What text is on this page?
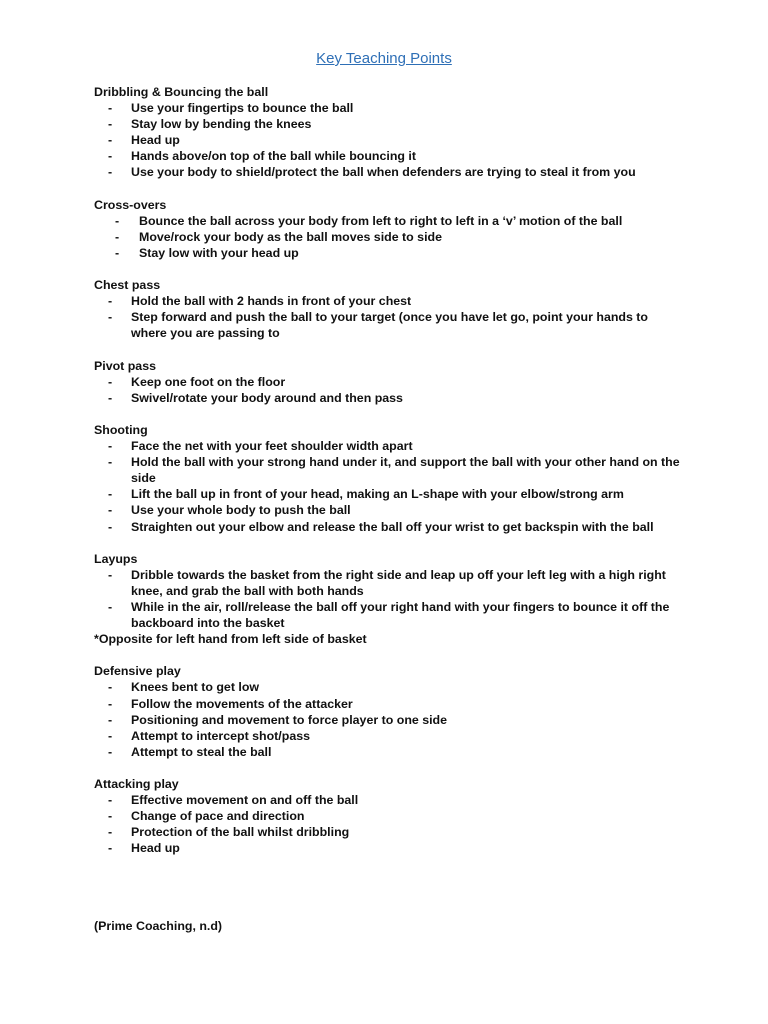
Key Teaching Points
Dribbling & Bouncing the ball
-	Use your fingertips to bounce the ball
-	Stay low by bending the knees
-	Head up
-	Hands above/on top of the ball while bouncing it
-	Use your body to shield/protect the ball when defenders are trying to steal it from you
Cross-overs
-	Bounce the ball across your body from left to right to left in a ‘v’ motion of the ball
-	Move/rock your body as the ball moves side to side
-	Stay low with your head up
Chest pass
-	Hold the ball with 2 hands in front of your chest
-	Step forward and push the ball to your target (once you have let go, point your hands to where you are passing to
Pivot pass
-	Keep one foot on the floor
-	Swivel/rotate your body around and then pass
Shooting
-	Face the net with your feet shoulder width apart
-	Hold the ball with your strong hand under it, and support the ball with your other hand on the side
-	Lift the ball up in front of your head, making an L-shape with your elbow/strong arm
-	Use your whole body to push the ball
-	Straighten out your elbow and release the ball off your wrist to get backspin with the ball
Layups
-	Dribble towards the basket from the right side and leap up off your left leg with a high right knee, and grab the ball with both hands
-	While in the air, roll/release the ball off your right hand with your fingers to bounce it off the backboard into the basket
*Opposite for left hand from left side of basket
Defensive play
-	Knees bent to get low
-	Follow the movements of the attacker
-	Positioning and movement to force player to one side
-	Attempt to intercept shot/pass
-	Attempt to steal the ball
Attacking play
-	Effective movement on and off the ball
-	Change of pace and direction
-	Protection of the ball whilst dribbling
-	Head up
(Prime Coaching, n.d)
